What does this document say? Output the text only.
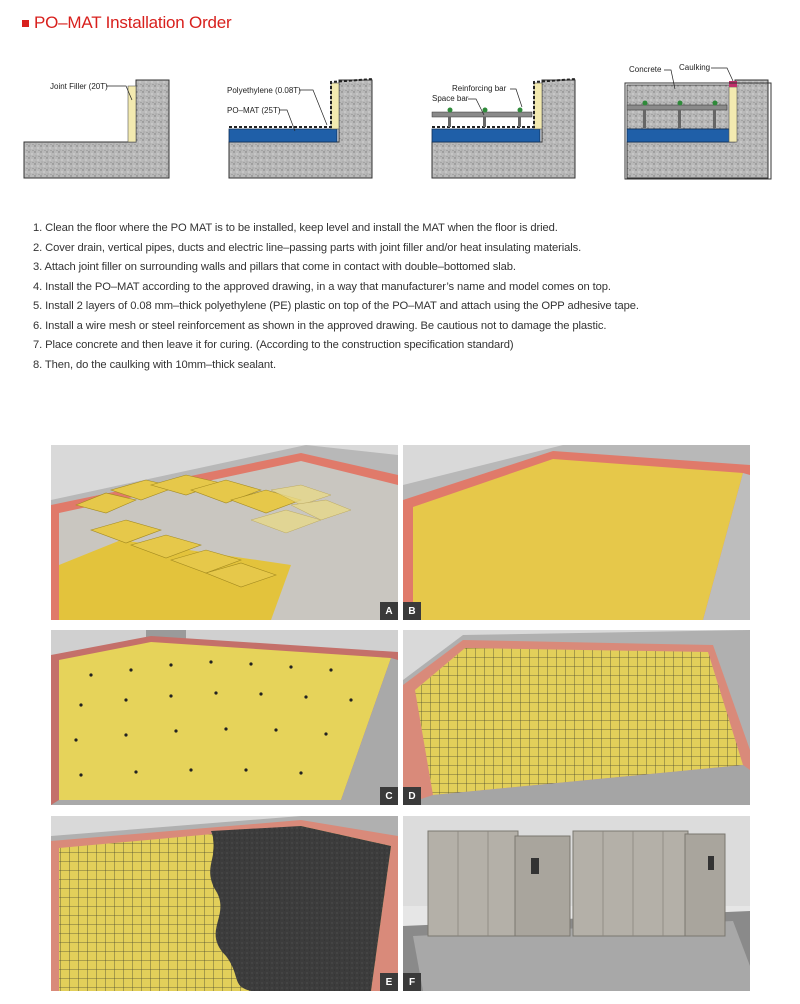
PO–MAT Installation Order
Joint Filler (20T)	Polyethylene (0.08T)
PO–MAT (25T)
Reinforcing bar
Space bar
Concrete Caulking
1. Clean the floor where the PO MAT is to be installed, keep level and install the MAT when the floor is dried.
2. Cover drain, vertical pipes, ducts and electric line–passing parts with joint filler and/or heat insulating materials.
3. Attach joint filler on surrounding walls and pillars that come in contact with double–bottomed slab.
4. Install the PO–MAT according to the approved drawing, in a way that manufacturer’s name and model comes on top.
5. Install 2 layers of 0.08 mm–thick polyethylene (PE) plastic on top of the PO–MAT and attach using the OPP adhesive tape.
6. Install a wire mesh or steel reinforcement as shown in the approved drawing. Be cautious not to damage the plastic.
7. Place concrete and then leave it for curing. (According to the construction specification standard)
8. Then, do the caulking with 10mm–thick sealant.
A	B
C	D
E	F
